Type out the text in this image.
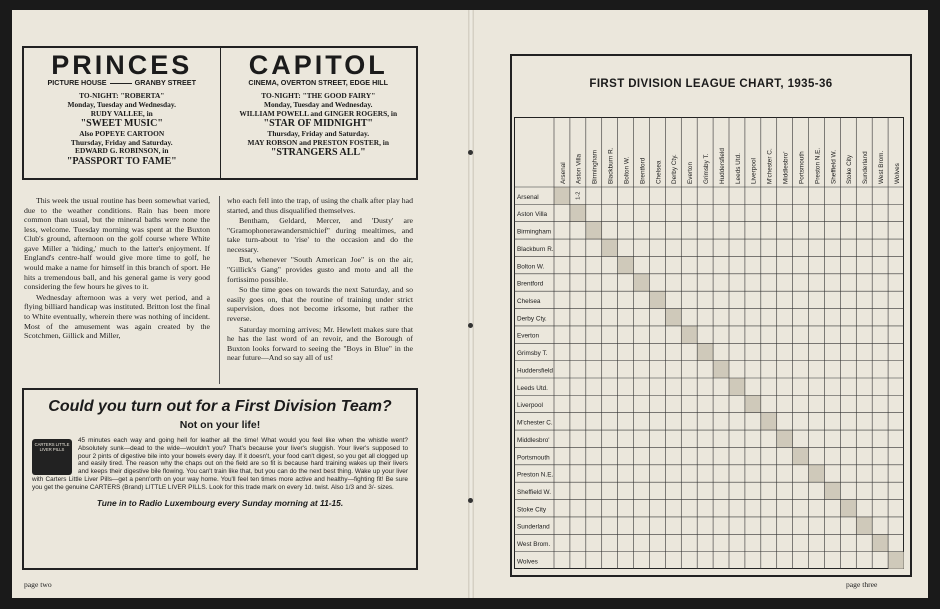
PRINCES
PICTURE HOUSE	GRANBY STREET
TO-NIGHT: "ROBERTA"
Monday, Tuesday and Wednesday.
RUDY VALLEE, in
"SWEET MUSIC"
Also POPEYE CARTOON
Thursday, Friday and Saturday.
EDWARD G. ROBINSON, in
"PASSPORT TO FAME"
CAPITOL
CINEMA, OVERTON STREET, EDGE HILL
TO-NIGHT: "THE GOOD FAIRY"
Monday, Tuesday and Wednesday.
WILLIAM POWELL and GINGER ROGERS, in
"STAR OF MIDNIGHT"
Thursday, Friday and Saturday.
MAY ROBSON and PRESTON FOSTER, in
"STRANGERS ALL"

This week the usual routine has been somewhat varied, due to the weather conditions. Rain has been more common than usual, but the mineral baths were none the less, welcome. Tuesday morning was spent at the Buxton Club's ground, afternoon on the golf course where White gave Miller a 'hiding,' much to the latter's enjoyment. If England's centre-half would give more time to golf, he would make a name for himself in this branch of sport. He hits a tremendous ball, and his general game is very good considering the few hours he gives to it.

Wednesday afternoon was a very wet period, and a flying billiard handicap was instituted. Britton lost the final to White eventually, wherein there was nothing of incident. Most of the amusement was again created by the Scotchmen, Gillick and Miller,

who each fell into the trap, of using the chalk after play had started, and thus disqualified themselves.

Bentham, Geldard, Mercer, and 'Dusty' are "Gramophonerawandersmichief" during mealtimes, and take turn-about to 'rise' to the occasion and do the necessary.

But, whenever "South American Joe" is on the air, "Gillick's Gang" provides gusto and moto and all the fortissimo possible.

So the time goes on towards the next Saturday, and so easily goes on, that the routine of training under strict supervision, does not become irksome, but rather the reverse.

Saturday morning arrives; Mr. Hewlett makes sure that he has the last word of an revoir, and the Borough of Buxton looks forward to seeing the "Boys in Blue" in the near future—And so say all of us!

Could you turn out for a First Division Team?
Not on your life!
CARTERS LITTLE LIVER PILLS
45 minutes each way and going hell for leather all the time! What would you feel like when the whistle went? Absolutely sunk—dead to the wide—wouldn't you? That's because your liver's sluggish. Your liver's supposed to pour 2 pints of digestive bile into your bowels every day. If it doesn't, your food can't digest, so you get all clogged up and easily tired. The reason why the chaps out on the field are so fit is because hard training wakes up their livers and keeps their digestive bile flowing. You can't train like that, but you can do the next best thing. Wake up your liver with Carters Little Liver Pills—get a penn'orth on your way home. You'll feel ten times more active and healthy—fighting fit! Be sure you get the genuine CARTERS (Brand) LITTLE LIVER PILLS. Look for this trade mark on every 1d. twist. Also 1/3 and 3/- sizes.
Tune in to Radio Luxembourg every Sunday morning at 11-15.
page two	page three
FIRST DIVISION LEAGUE CHART, 1935-36
Arsenal
Aston Villa
Birmingham
Blackburn R.
Bolton W.
Brentford
Chelsea
Derby Cty.
Everton
Grimsby T.
Huddersfield
Leeds Utd.
Liverpool
M'chester C.
Middlesbro'
Portsmouth
Preston N.E.
Sheffield W.
Stoke City
Sunderland
West Brom.
Wolves
Arsenal Aston Villa Birmingham Blackburn R. Bolton W. Brentford Chelsea Derby Cty. Everton Grimsby T. Huddersfield Leeds Utd. Liverpool M'chester C. Middlesbro' Portsmouth Preston N.E. Sheffield W. Stoke City Sunderland West Brom. Wolves
1-2
